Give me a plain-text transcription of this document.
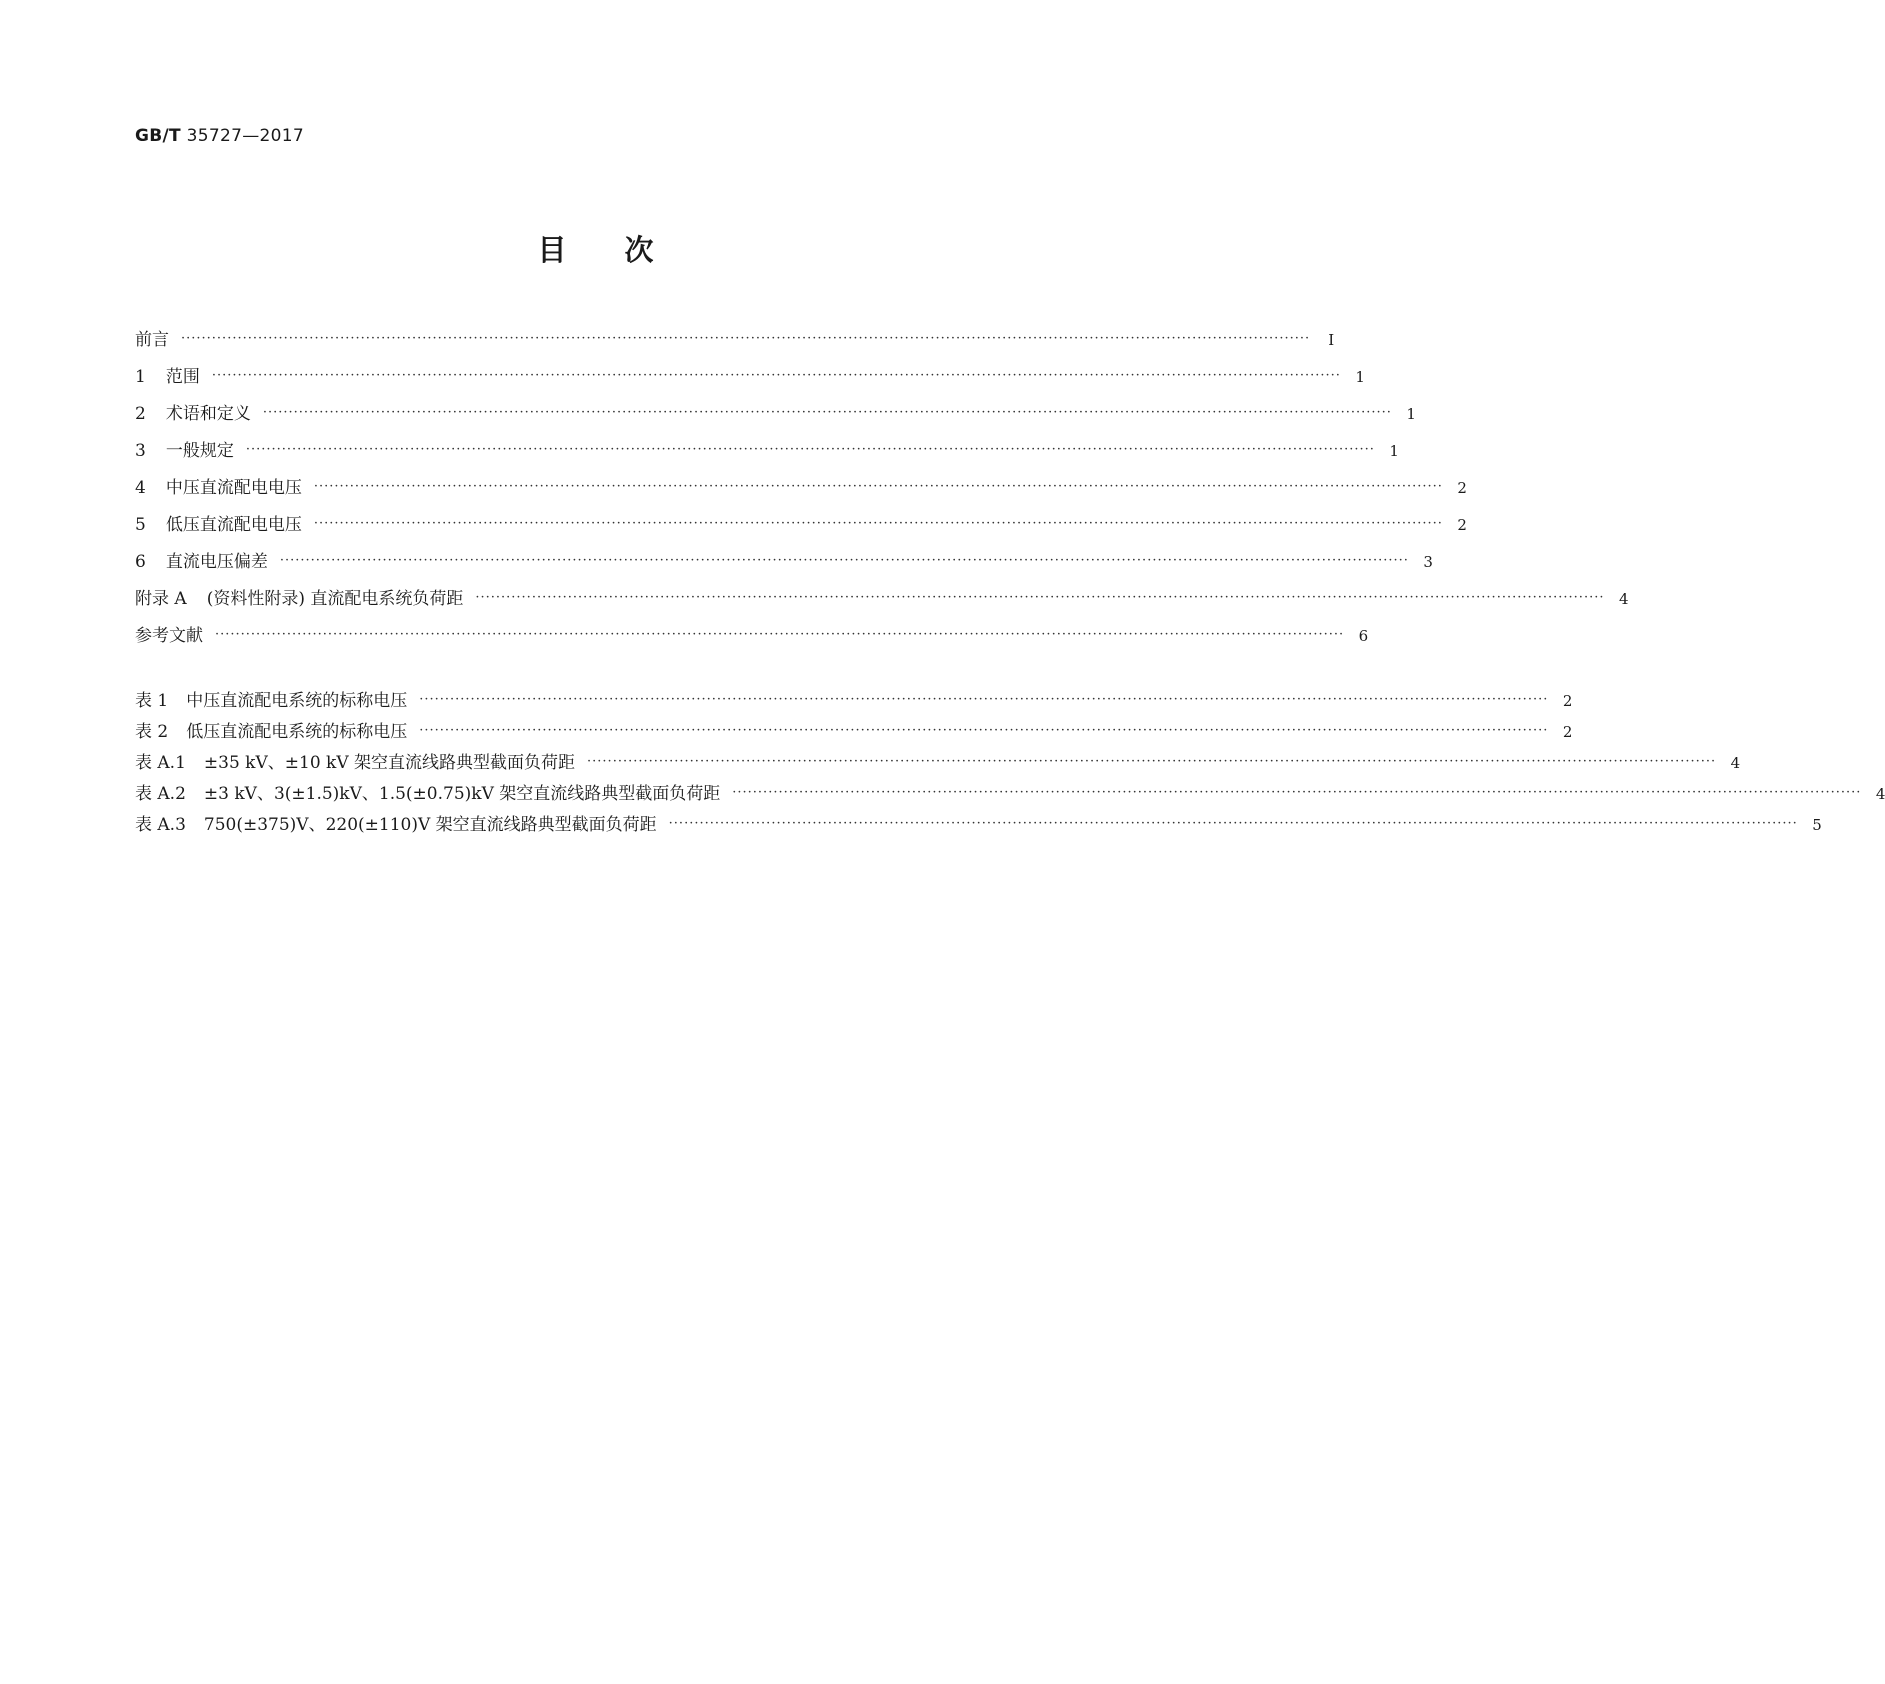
GB/T 35727—2017
目次
前言 ····························································································································································································································	Ⅰ
1 范围 ···························································································································································································································· 1
2 术语和定义 ···························································································································································································································· 1
3 一般规定 ···························································································································································································································· 1
4 中压直流配电电压 ···························································································································································································································· 2
5 低压直流配电电压 ···························································································································································································································· 2
6 直流电压偏差 ···························································································································································································································· 3
附录 A (资料性附录) 直流配电系统负荷距 ···························································································································································································································· 4
参考文献 ···························································································································································································································· 6
表 1 中压直流配电系统的标称电压 ···························································································································································································································· 2
表 2 低压直流配电系统的标称电压 ···························································································································································································································· 2
表 A.1 ±35 kV、±10 kV 架空直流线路典型截面负荷距 ···························································································································································································································· 4
表 A.2 ±3 kV、3(±1.5)kV、1.5(±0.75)kV 架空直流线路典型截面负荷距 ···························································································································································································································· 4
表 A.3 750(±375)V、220(±110)V 架空直流线路典型截面负荷距 ···························································································································································································································· 5
